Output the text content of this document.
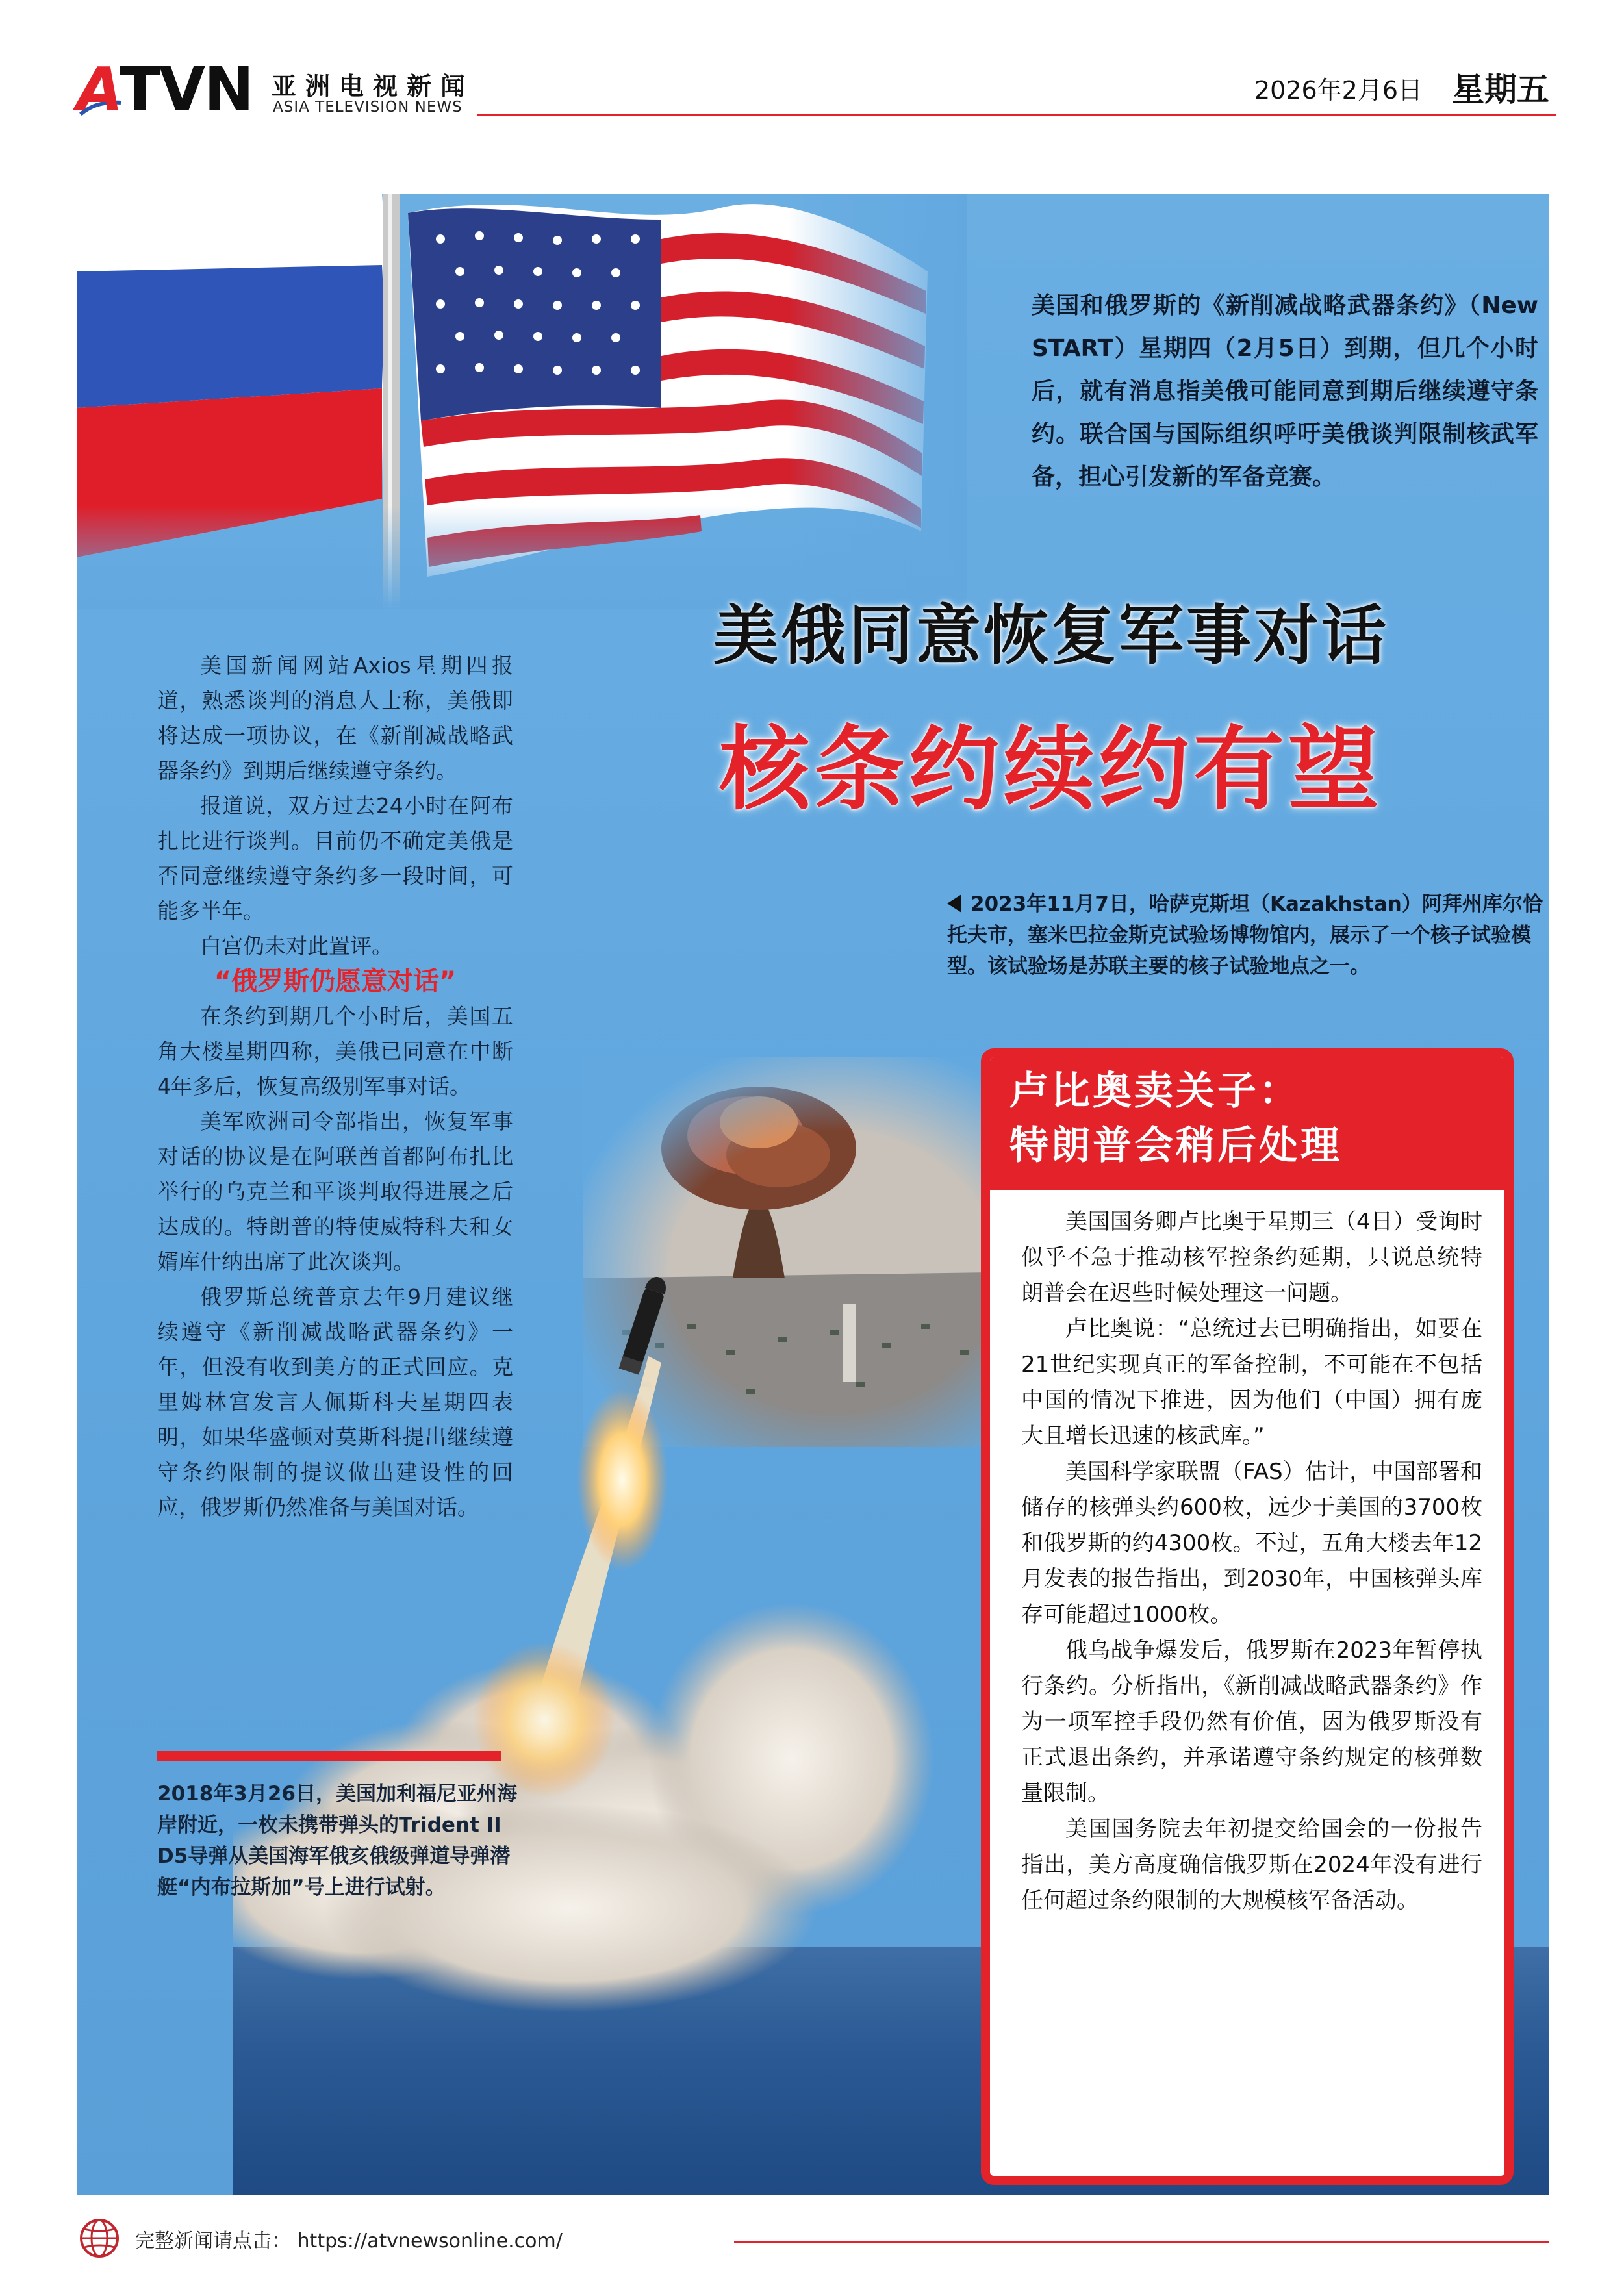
A
TVN 亚洲电视新闻
ASIA TELEVISION NEWS
2026年2月6日 星期五
美国和俄罗斯的《新削减战略武器条约》（New START）星期四（2月5日）到期，但几个小时后，就有消息指美俄可能同意到期后继续遵守条约。联合国与国际组织呼吁美俄谈判限制核武军备，担心引发新的军备竞赛。
美俄同意恢复军事对话
核条约续约有望

美国新闻网站Axios星期四报道，熟悉谈判的消息人士称，美俄即将达成一项协议，在《新削减战略武器条约》到期后继续遵守条约。

报道说，双方过去24小时在阿布扎比进行谈判。目前仍不确定美俄是否同意继续遵守条约多一段时间，可能多半年。

白宫仍未对此置评。

“俄罗斯仍愿意对话”

在条约到期几个小时后，美国五角大楼星期四称，美俄已同意在中断4年多后，恢复高级别军事对话。

美军欧洲司令部指出，恢复军事对话的协议是在阿联酋首都阿布扎比举行的乌克兰和平谈判取得进展之后达成的。特朗普的特使威特科夫和女婿库什纳出席了此次谈判。

俄罗斯总统普京去年9月建议继续遵守《新削减战略武器条约》一年，但没有收到美方的正式回应。克里姆林宫发言人佩斯科夫星期四表明，如果华盛顿对莫斯科提出继续遵守条约限制的提议做出建设性的回应，俄罗斯仍然准备与美国对话。

2018年3月26日，美国加利福尼亚州海岸附近，一枚未携带弹头的Trident II D5导弹从美国海军俄亥俄级弹道导弹潜艇“内布拉斯加”号上进行试射。
2023年11月7日，哈萨克斯坦（Kazakhstan）阿拜州库尔恰托夫市，塞米巴拉金斯克试验场博物馆内，展示了一个核子试验模型。该试验场是苏联主要的核子试验地点之一。
卢比奥卖关子：
特朗普会稍后处理

美国国务卿卢比奥于星期三（4日）受询时似乎不急于推动核军控条约延期，只说总统特朗普会在迟些时候处理这一问题。

卢比奥说：“总统过去已明确指出，如要在21世纪实现真正的军备控制，不可能在不包括中国的情况下推进，因为他们（中国）拥有庞大且增长迅速的核武库。”

美国科学家联盟（FAS）估计，中国部署和储存的核弹头约600枚，远少于美国的3700枚和俄罗斯的约4300枚。不过，五角大楼去年12月发表的报告指出，到2030年，中国核弹头库存可能超过1000枚。

俄乌战争爆发后，俄罗斯在2023年暂停执行条约。分析指出，《新削减战略武器条约》作为一项军控手段仍然有价值，因为俄罗斯没有正式退出条约，并承诺遵守条约规定的核弹数量限制。

美国国务院去年初提交给国会的一份报告指出，美方高度确信俄罗斯在2024年没有进行任何超过条约限制的大规模核军备活动。

完整新闻请点击： https://atvnewsonline.com/
